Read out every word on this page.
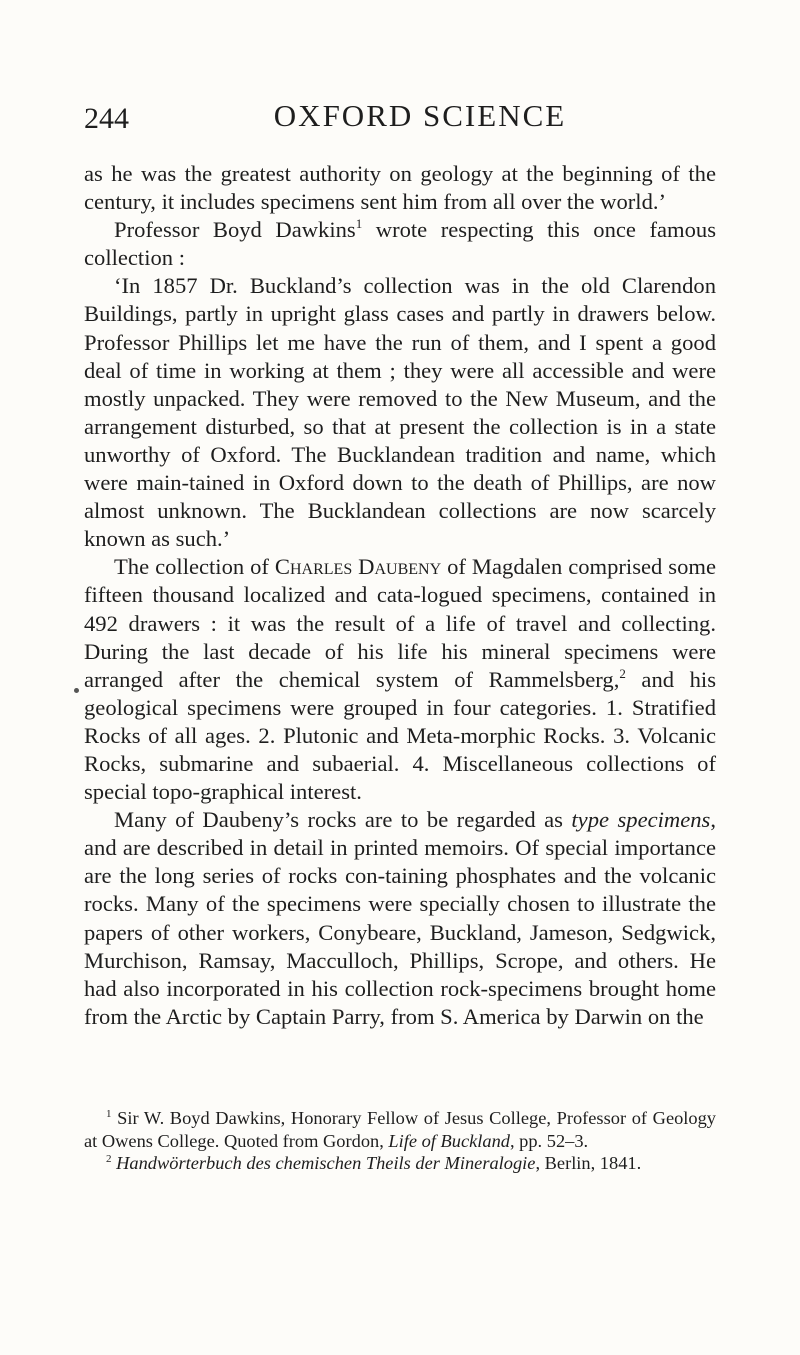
244	OXFORD SCIENCE

as he was the greatest authority on geology at the beginning of the century, it includes specimens sent him from all over the world.’

Professor Boyd Dawkins$^1$ wrote respecting this once famous collection :

‘In 1857 Dr. Buckland’s collection was in the old Clarendon Buildings, partly in upright glass cases and partly in drawers below. Professor Phillips let me have the run of them, and I spent a good deal of time in working at them ; they were all accessible and were mostly unpacked. They were removed to the New Museum, and the arrangement disturbed, so that at present the collection is in a state unworthy of Oxford. The Bucklandean tradition and name, which were main-tained in Oxford down to the death of Phillips, are now almost unknown. The Bucklandean collections are now scarcely known as such.’

The collection of Charles Daubeny of Magdalen comprised some fifteen thousand localized and cata-logued specimens, contained in 492 drawers : it was the result of a life of travel and collecting. During the last decade of his life his mineral specimens were arranged after the chemical system of Rammelsberg,$^2$ and his geological specimens were grouped in four categories. 1. Stratified Rocks of all ages. 2. Plutonic and Meta-morphic Rocks. 3. Volcanic Rocks, submarine and subaerial. 4. Miscellaneous collections of special topo-graphical interest.

Many of Daubeny’s rocks are to be regarded as type specimens, and are described in detail in printed memoirs. Of special importance are the long series of rocks con-taining phosphates and the volcanic rocks. Many of the specimens were specially chosen to illustrate the papers of other workers, Conybeare, Buckland, Jameson, Sedgwick, Murchison, Ramsay, Macculloch, Phillips, Scrope, and others. He had also incorporated in his collection rock-specimens brought home from the Arctic by Captain Parry, from S. America by Darwin on the

$^1$ Sir W. Boyd Dawkins, Honorary Fellow of Jesus College, Professor of Geology at Owens College. Quoted from Gordon, Life of Buckland, pp. 52–3.

$^2$ Handwörterbuch des chemischen Theils der Mineralogie, Berlin, 1841.
